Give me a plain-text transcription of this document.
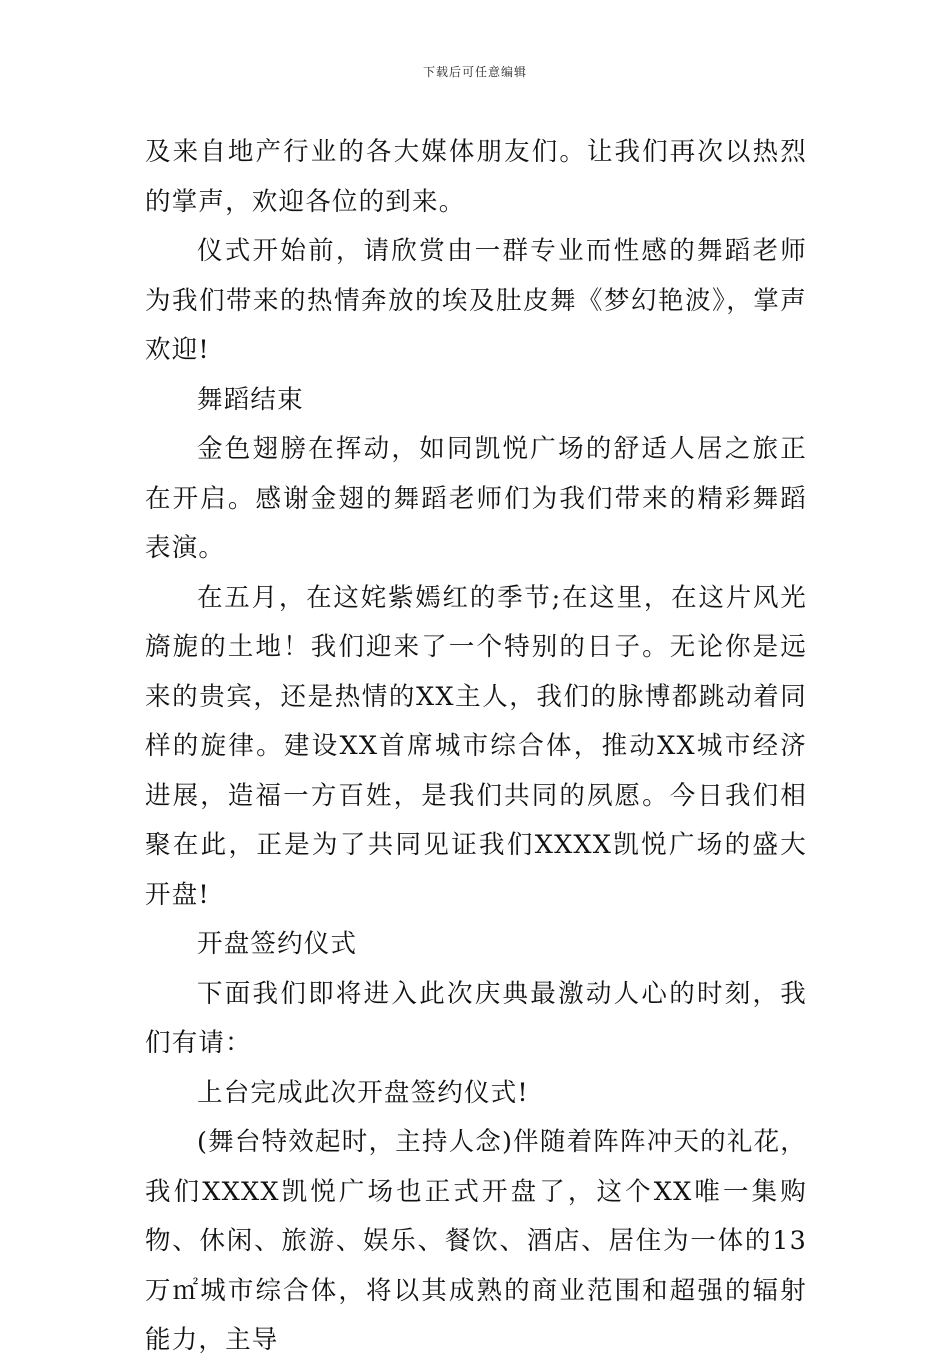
下载后可任意编辑

及来自地产行业的各大媒体朋友们。让我们再次以热烈的掌声，欢迎各位的到来。

仪式开始前，请欣赏由一群专业而性感的舞蹈老师为我们带来的热情奔放的埃及肚皮舞《梦幻艳波》，掌声欢迎!

舞蹈结束

金色翅膀在挥动，如同凯悦广场的舒适人居之旅正在开启。感谢金翅的舞蹈老师们为我们带来的精彩舞蹈表演。

在五月，在这姹紫嫣红的季节;在这里，在这片风光旖旎的土地！我们迎来了一个特别的日子。无论你是远来的贵宾，还是热情的XX主人，我们的脉博都跳动着同样的旋律。建设XX首席城市综合体，推动XX城市经济进展，造福一方百姓，是我们共同的夙愿。今日我们相聚在此，正是为了共同见证我们XXXX凯悦广场的盛大开盘!

开盘签约仪式

下面我们即将进入此次庆典最激动人心的时刻，我们有请：

上台完成此次开盘签约仪式!

(舞台特效起时，主持人念)伴随着阵阵冲天的礼花，我们XXXX凯悦广场也正式开盘了，这个XX唯一集购物、休闲、旅游、娱乐、餐饮、酒店、居住为一体的13万㎡城市综合体，将以其成熟的商业范围和超强的辐射能力，主导
